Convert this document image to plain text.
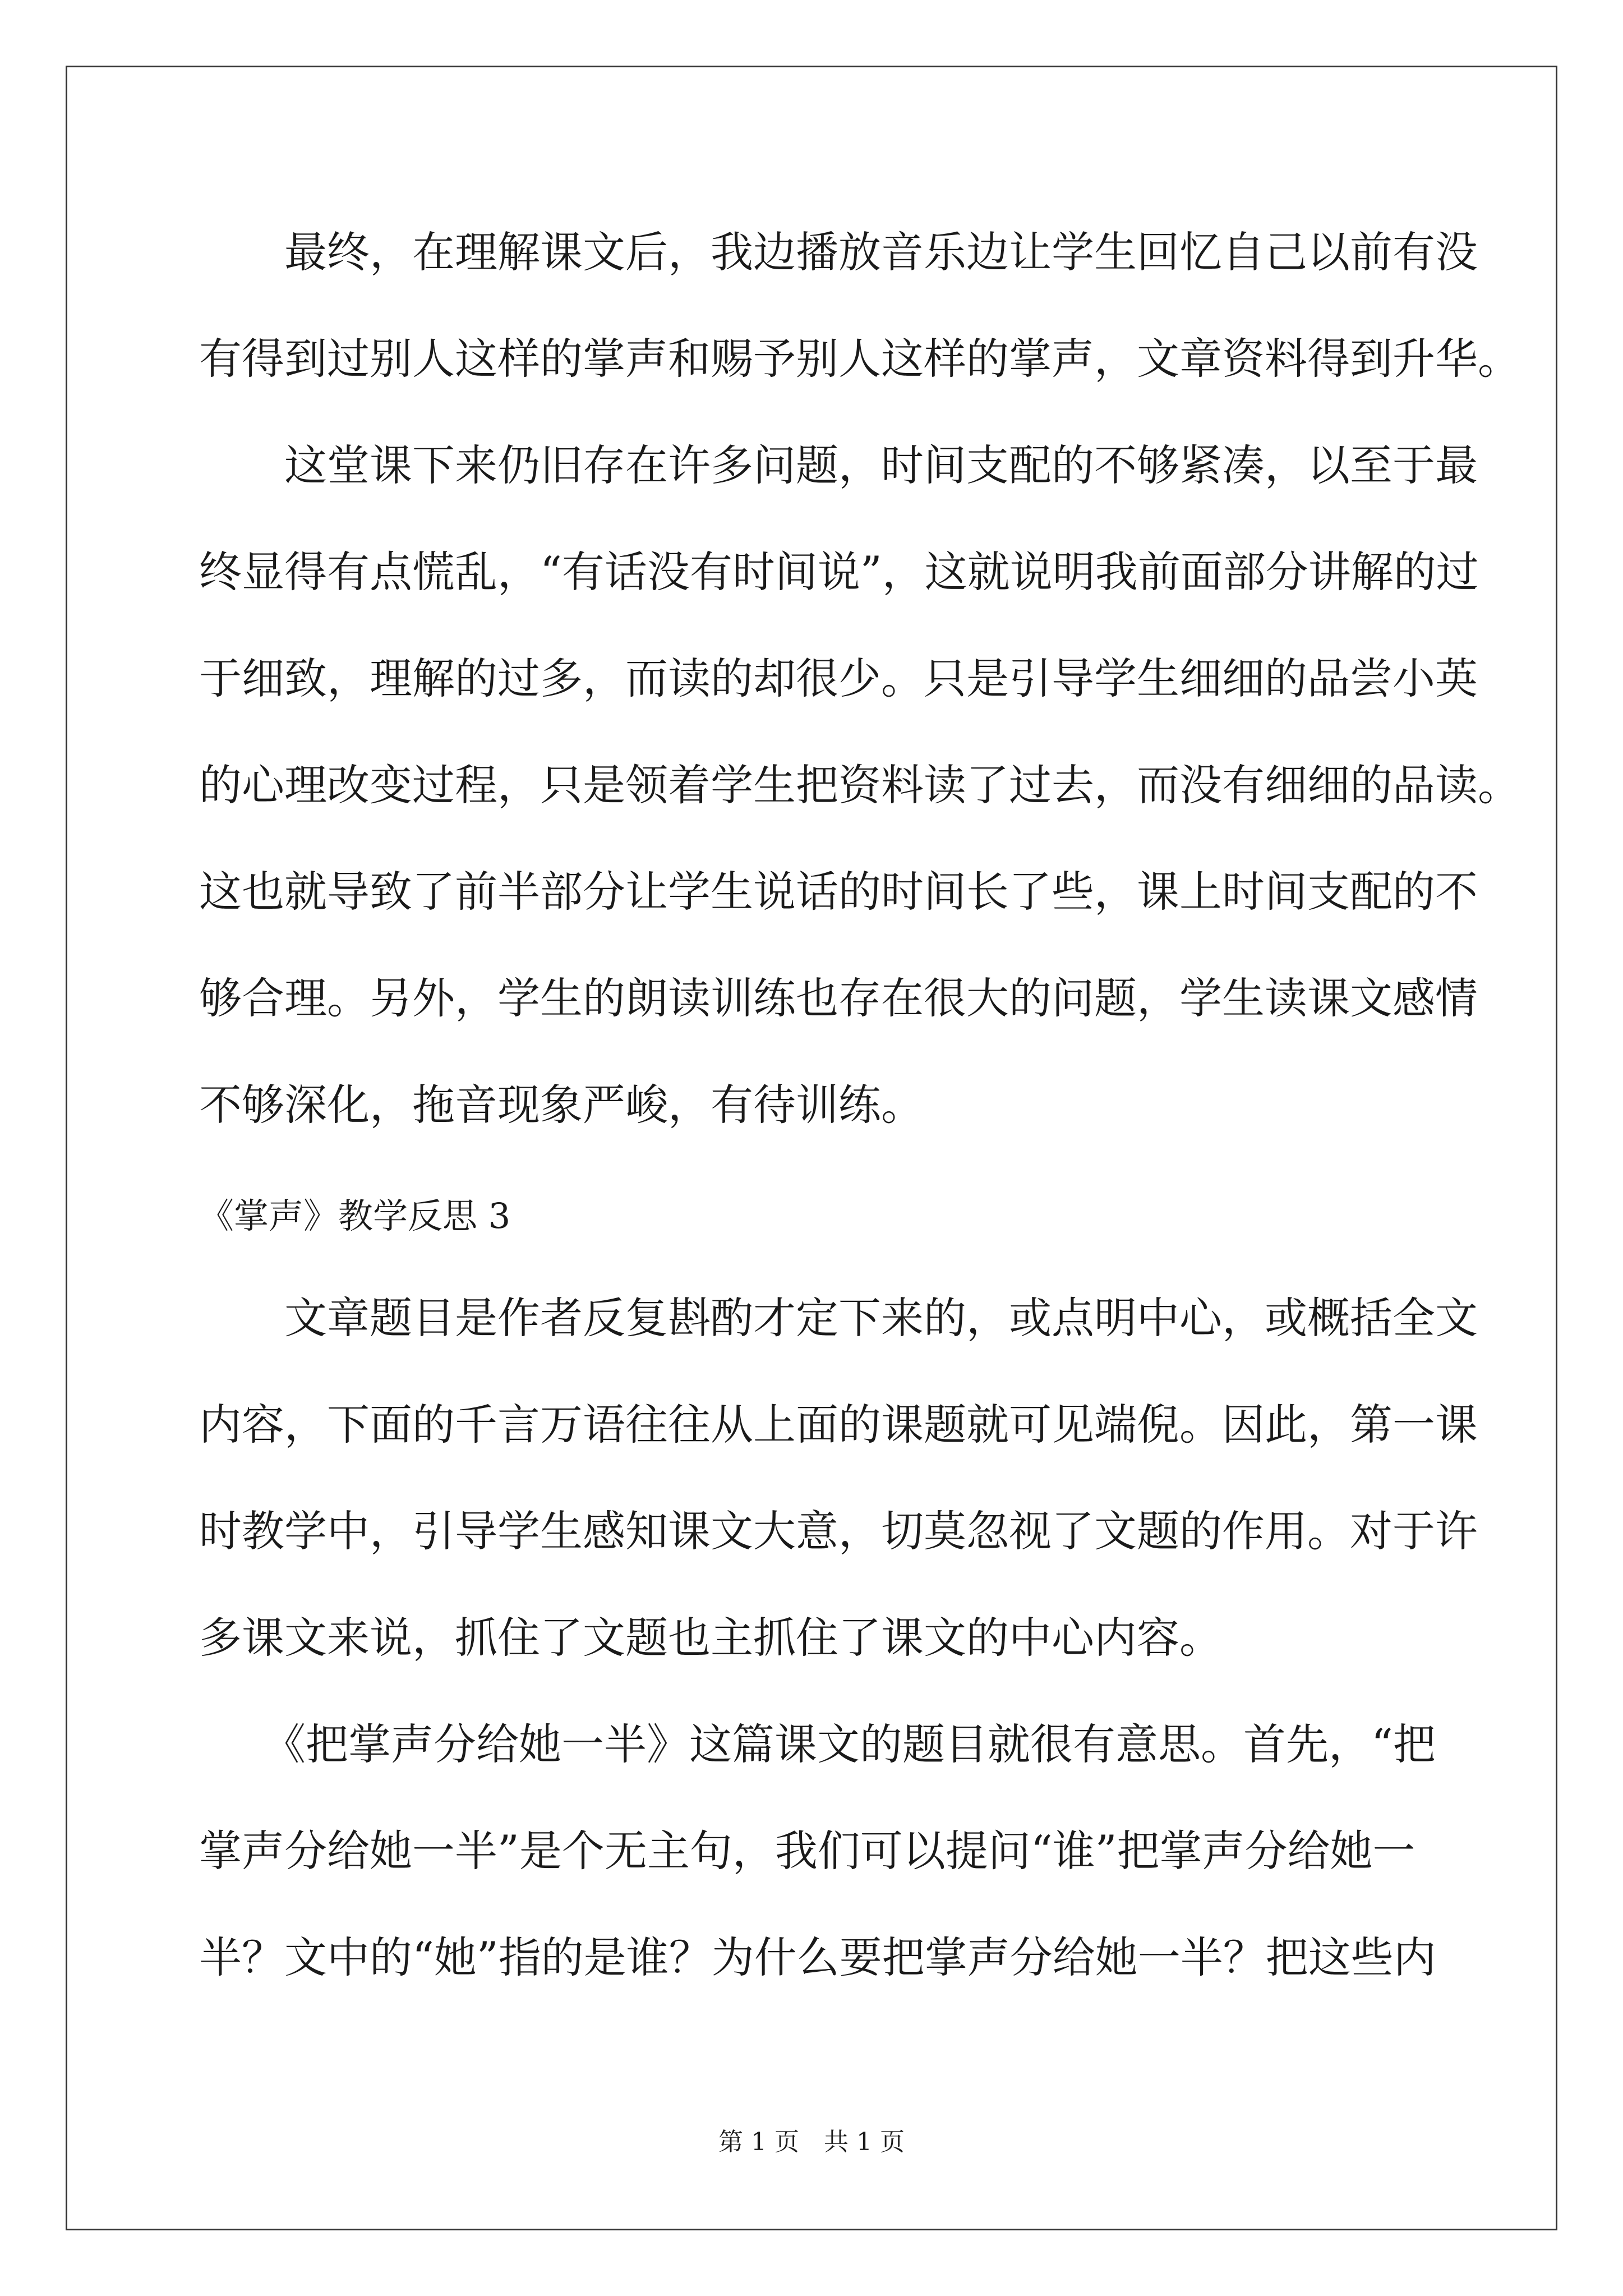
　　最终，在理解课文后，我边播放音乐边让学生回忆自己以前有没
有得到过别人这样的掌声和赐予别人这样的掌声，文章资料得到升华。
　　这堂课下来仍旧存在许多问题，时间支配的不够紧凑，以至于最
终显得有点慌乱，“有话没有时间说”，这就说明我前面部分讲解的过
于细致，理解的过多，而读的却很少。只是引导学生细细的品尝小英
的心理改变过程，只是领着学生把资料读了过去，而没有细细的品读。
这也就导致了前半部分让学生说话的时间长了些，课上时间支配的不
够合理。另外，学生的朗读训练也存在很大的问题，学生读课文感情
不够深化，拖音现象严峻，有待训练。
《掌声》教学反思 3
　　文章题目是作者反复斟酌才定下来的，或点明中心，或概括全文
内容，下面的千言万语往往从上面的课题就可见端倪。因此，第一课
时教学中，引导学生感知课文大意，切莫忽视了文题的作用。对于许
多课文来说，抓住了文题也主抓住了课文的中心内容。
　　《把掌声分给她一半》这篇课文的题目就很有意思。首先，“把
掌声分给她一半”是个无主句，我们可以提问“谁”把掌声分给她一
半？文中的“她”指的是谁？为什么要把掌声分给她一半？把这些内
第 1 页　共 1 页
